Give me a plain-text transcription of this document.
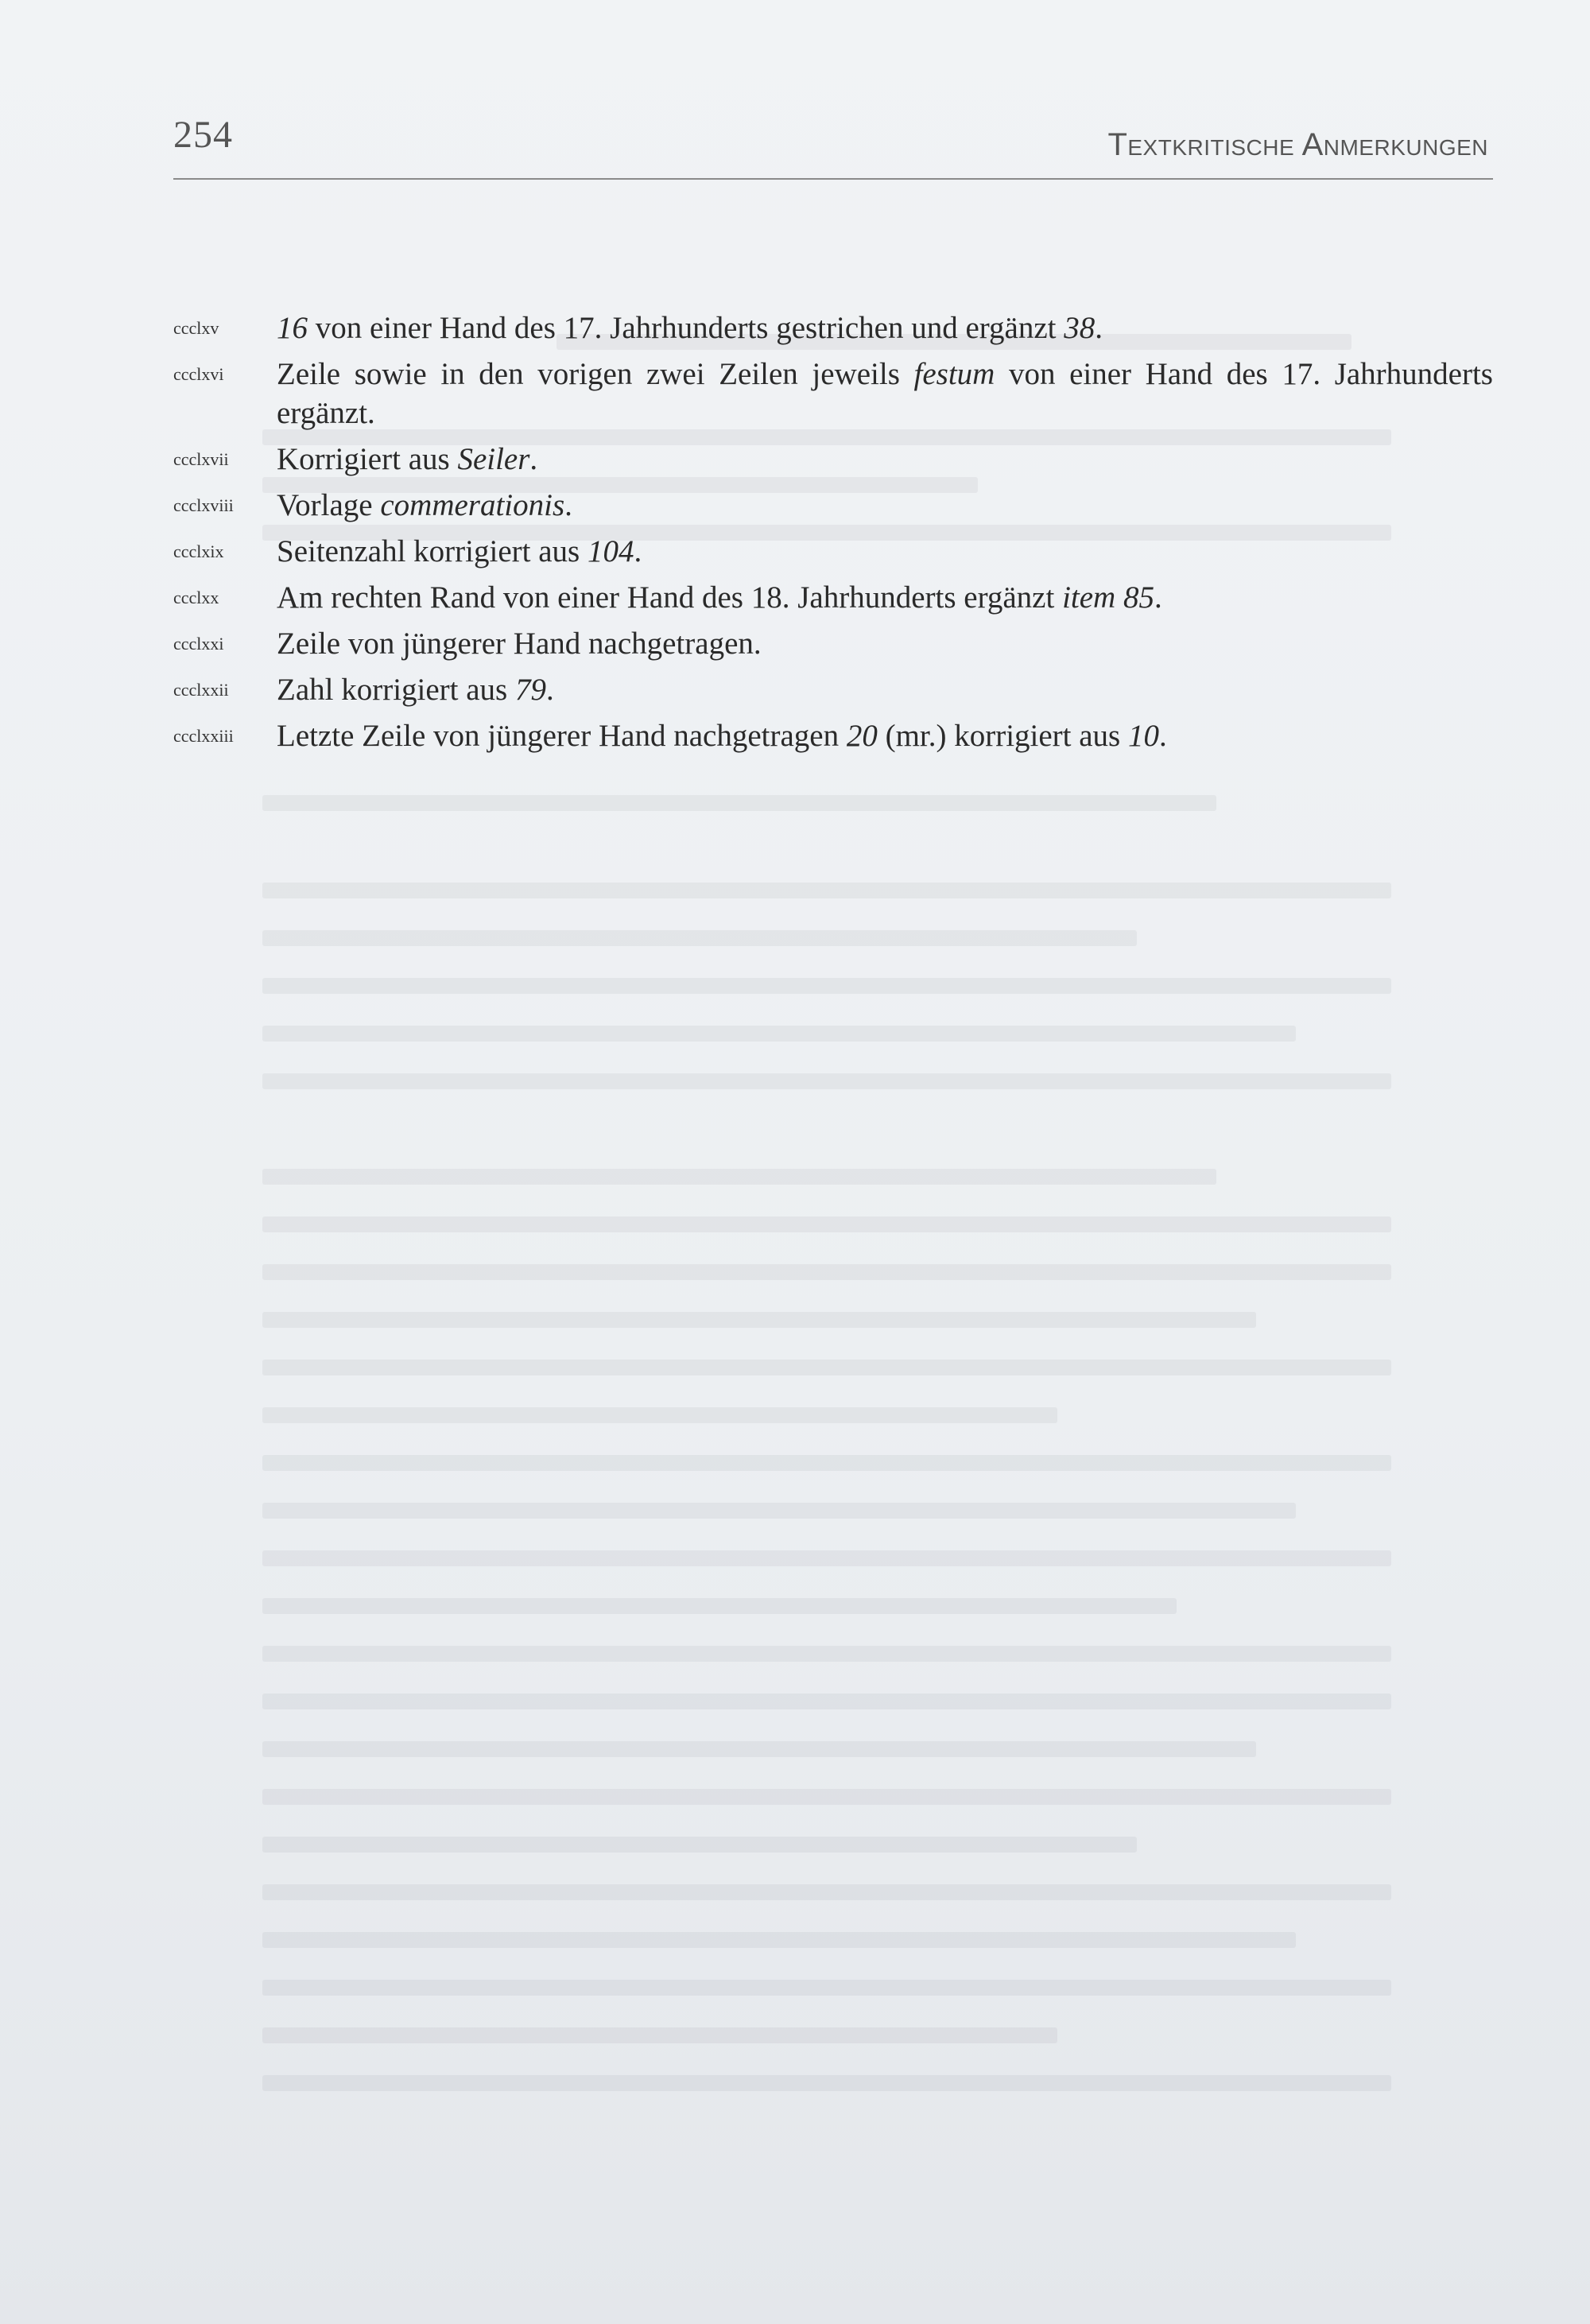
254	Textkritische Anmerkungen
ccclxv	16 von einer Hand des 17. Jahrhunderts gestrichen und ergänzt 38.
ccclxvi	Zeile sowie in den vorigen zwei Zeilen jeweils festum von einer Hand des 17. Jahrhunderts ergänzt.
ccclxvii	Korrigiert aus Seiler.
ccclxviii	Vorlage commerationis.
ccclxix	Seitenzahl korrigiert aus 104.
ccclxx	Am rechten Rand von einer Hand des 18. Jahrhunderts ergänzt item 85.
ccclxxi	Zeile von jüngerer Hand nachgetragen.
ccclxxii	Zahl korrigiert aus 79.
ccclxxiii	Letzte Zeile von jüngerer Hand nachgetragen 20 (mr.) korrigiert aus 10.
